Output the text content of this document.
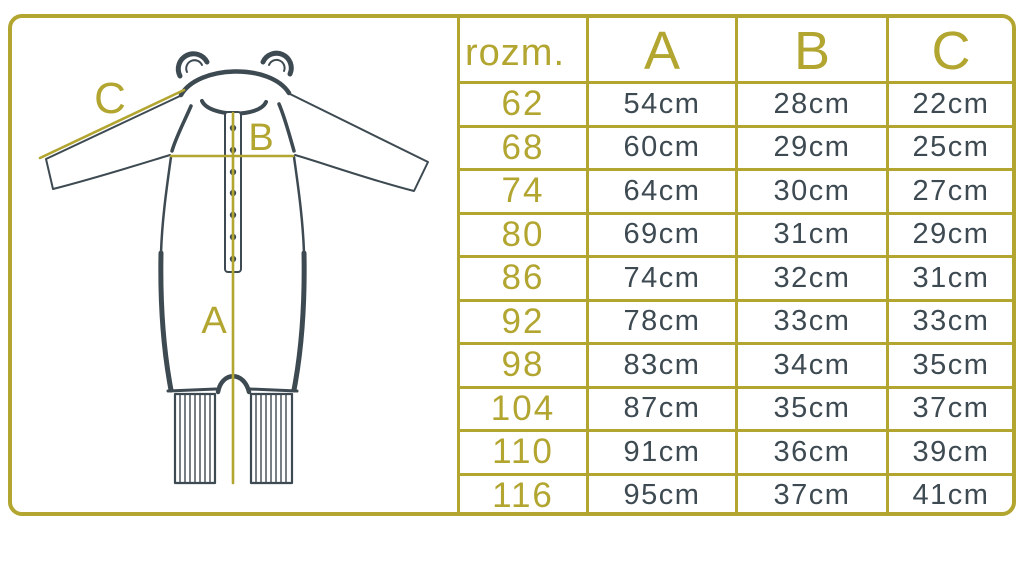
C
B
A
rozm.	A	B	C
62	54cm	28cm	22cm
68	60cm	29cm	25cm
74	64cm	30cm	27cm
80	69cm	31cm	29cm
86	74cm	32cm	31cm
92	78cm	33cm	33cm
98	83cm	34cm	35cm
104	87cm	35cm	37cm
110	91cm	36cm	39cm
116	95cm	37cm	41cm
